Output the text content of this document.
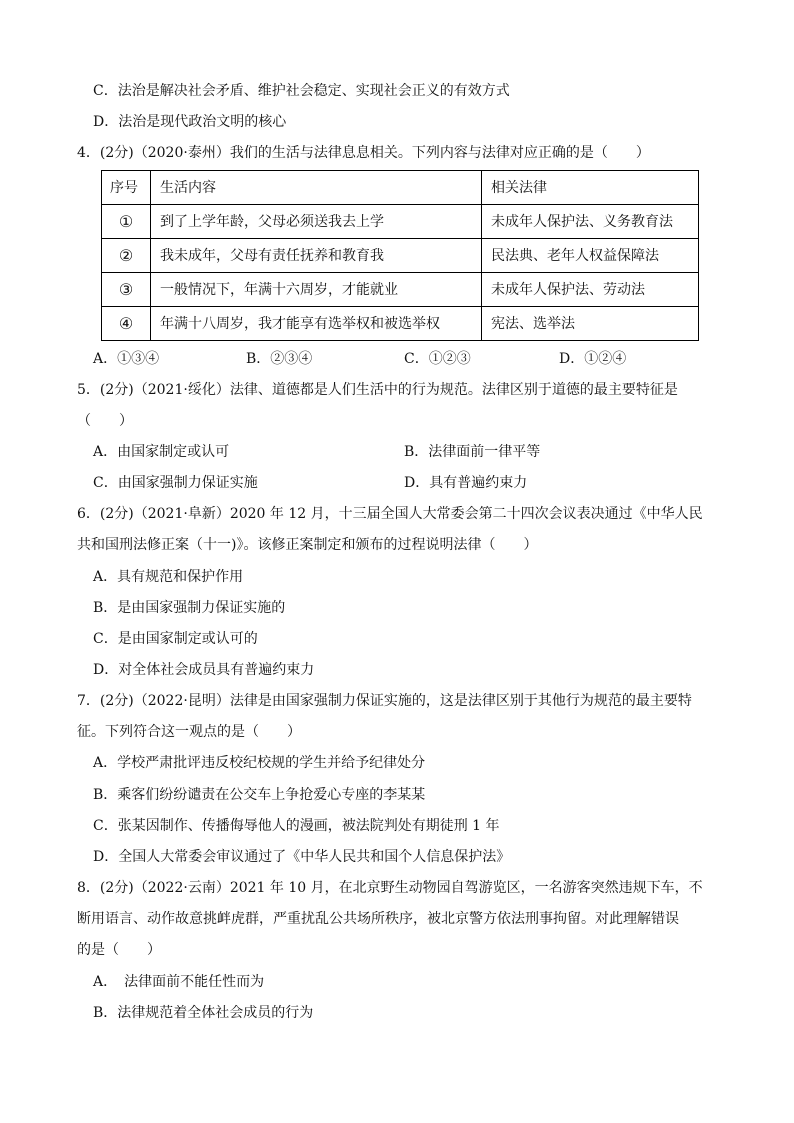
C．法治是解决社会矛盾、维护社会稳定、实现社会正义的有效方式
D．法治是现代政治文明的核心
4．(2分)（2020·泰州）我们的生活与法律息息相关。下列内容与法律对应正确的是（　　）
序号	生活内容	相关法律
①	到了上学年龄，父母必须送我去上学	未成年人保护法、义务教育法
②	我未成年，父母有责任抚养和教育我	民法典、老年人权益保障法
③	一般情况下，年满十六周岁，才能就业	未成年人保护法、劳动法
④	年满十八周岁，我才能享有选举权和被选举权	宪法、选举法
A．①③④	B．②③④	C．①②③	D．①②④
5．(2分)（2021·绥化）法律、道德都是人们生活中的行为规范。法律区别于道德的最主要特征是
（　　）
A．由国家制定或认可	B．法律面前一律平等
C．由国家强制力保证实施	D．具有普遍约束力
6．(2分)（2021·阜新）2020 年 12 月，十三届全国人大常委会第二十四次会议表决通过《中华人民
共和国刑法修正案（十一)》。该修正案制定和颁布的过程说明法律（　　）
A．具有规范和保护作用
B．是由国家强制力保证实施的
C．是由国家制定或认可的
D．对全体社会成员具有普遍约束力
7．(2分)（2022·昆明）法律是由国家强制力保证实施的，这是法律区别于其他行为规范的最主要特
征。下列符合这一观点的是（　　）
A．学校严肃批评违反校纪校规的学生并给予纪律处分
B．乘客们纷纷谴责在公交车上争抢爱心专座的李某某
C．张某因制作、传播侮辱他人的漫画，被法院判处有期徒刑 1 年
D．全国人大常委会审议通过了《中华人民共和国个人信息保护法》
8．(2分)（2022·云南）2021 年 10 月，在北京野生动物园自驾游览区，一名游客突然违规下车，不
断用语言、动作故意挑衅虎群，严重扰乱公共场所秩序，被北京警方依法刑事拘留。对此理解错误
的是（　　）
A．　法律面前不能任性而为
B．法律规范着全体社会成员的行为
